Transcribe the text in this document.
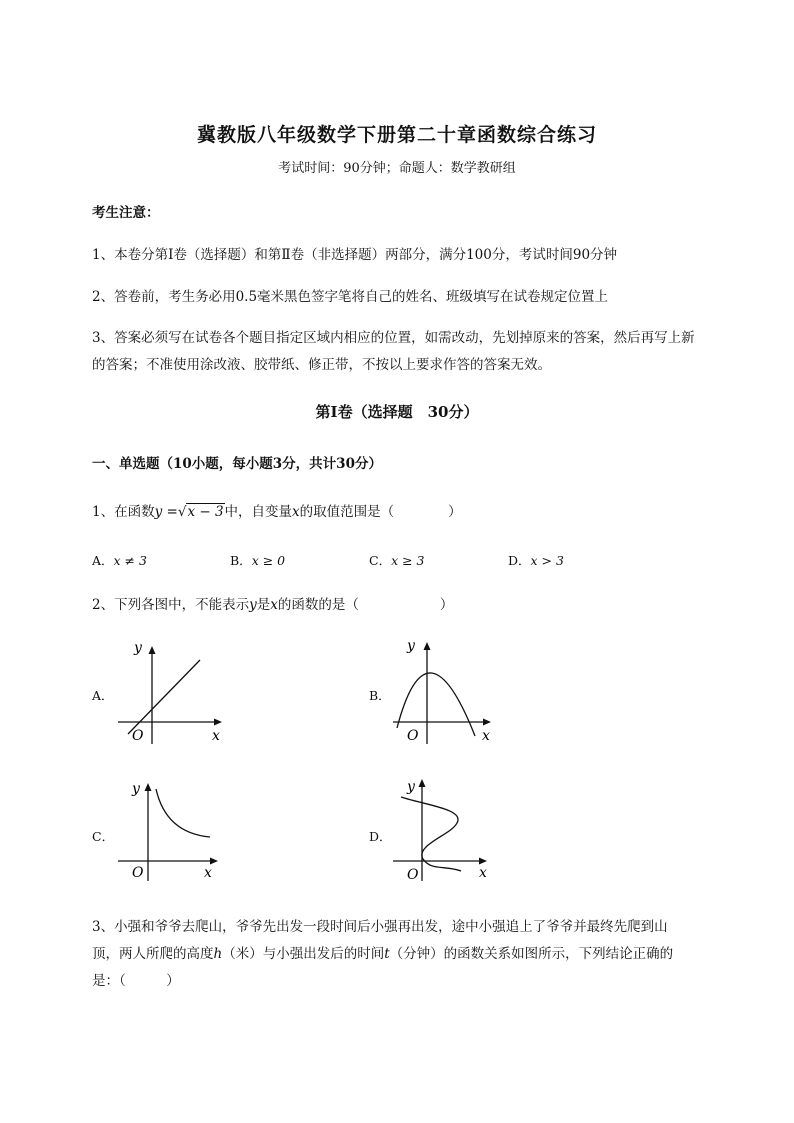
冀教版八年级数学下册第二十章函数综合练习
考试时间：90分钟；命题人：数学教研组
考生注意：
1、本卷分第I卷（选择题）和第Ⅱ卷（非选择题）两部分，满分100分，考试时间90分钟
2、答卷前，考生务必用0.5毫米黑色签字笔将自己的姓名、班级填写在试卷规定位置上
3、答案必须写在试卷各个题目指定区域内相应的位置，如需改动，先划掉原来的答案，然后再写上新
的答案；不准使用涂改液、胶带纸、修正带，不按以上要求作答的答案无效。
第I卷（选择题　30分）
一、单选题（10小题，每小题3分，共计30分）
1、在函数y =√x − 3中，自变量x的取值范围是（　　　　）
A．x ≠ 3	B．x ≥ 0	C．x ≥ 3	D．x > 3
2、下列各图中，不能表示y是x的函数的是（　　　　　　）
A．	B．
C．	D．
x
y
O	x
y
O
x
y
O	x
y
O
3、小强和爷爷去爬山，爷爷先出发一段时间后小强再出发，途中小强追上了爷爷并最终先爬到山
顶，两人所爬的高度h（米）与小强出发后的时间t（分钟）的函数关系如图所示，下列结论正确的
是：（　　　）
